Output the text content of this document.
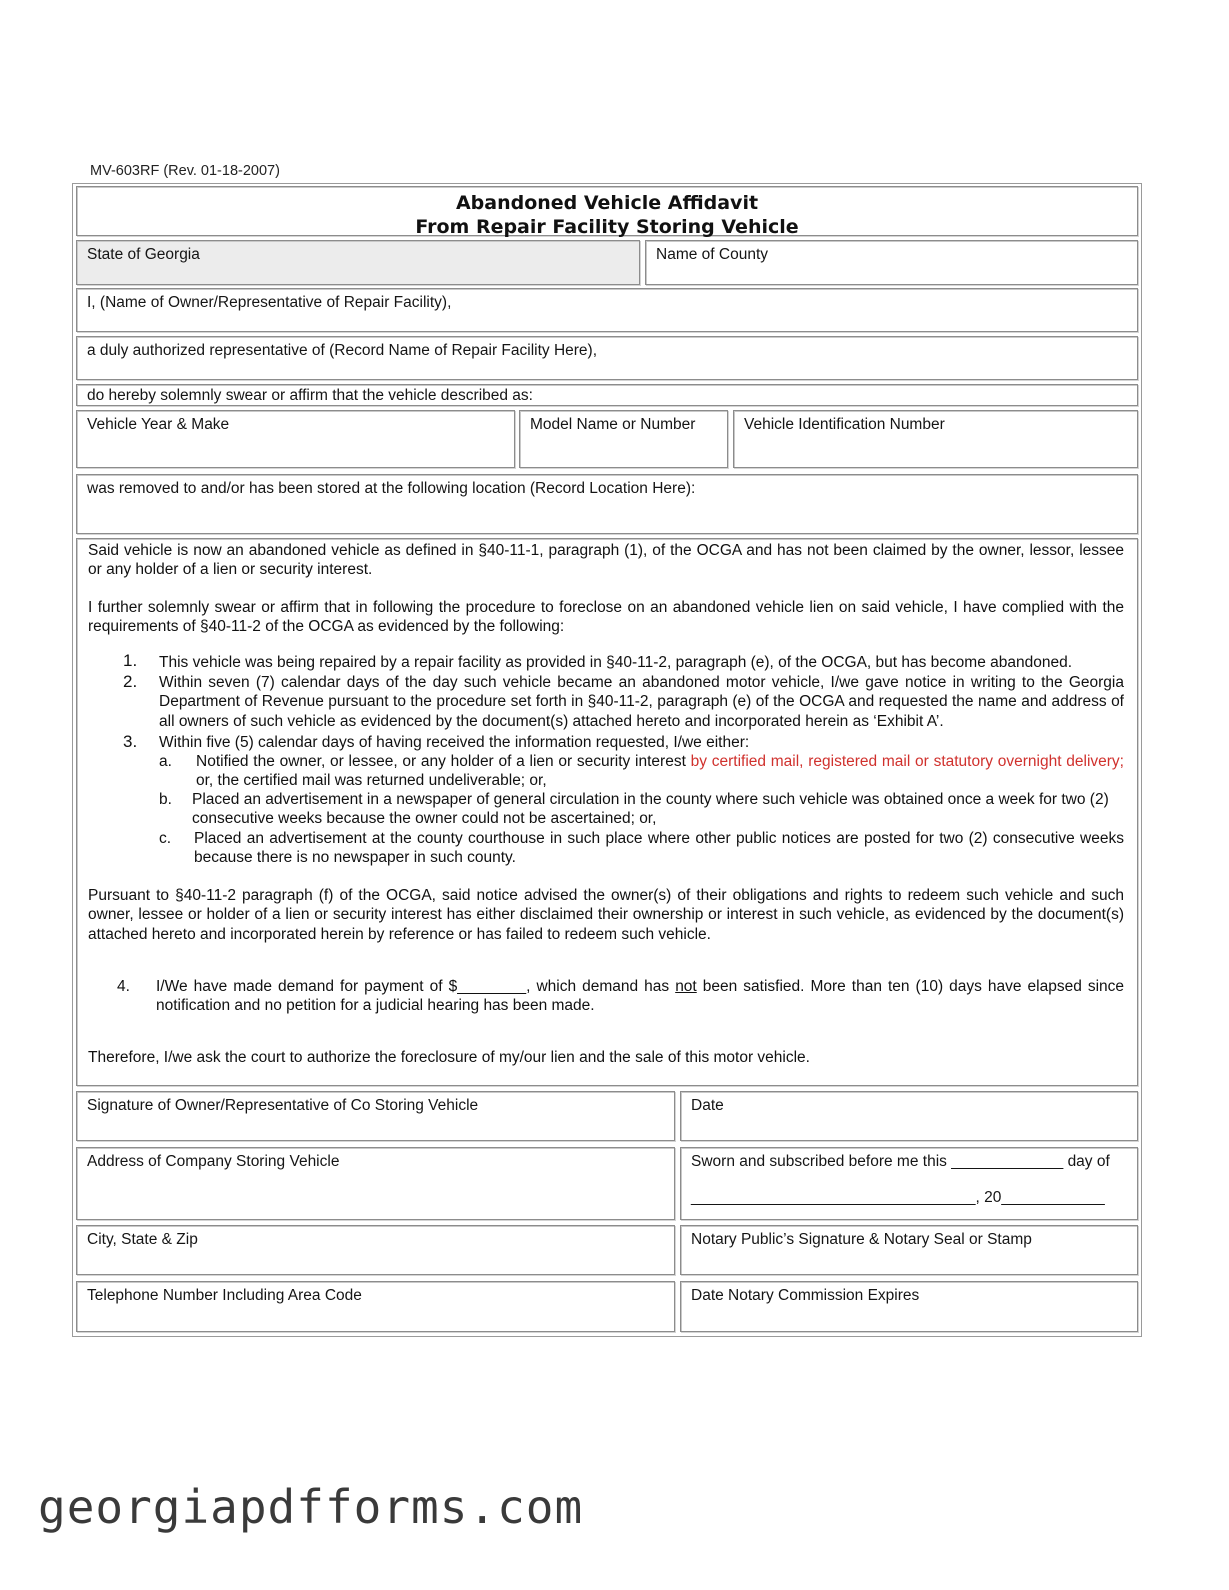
MV-603RF (Rev. 01-18-2007)
Abandoned Vehicle Affidavit
From Repair Facility Storing Vehicle
State of Georgia	Name of County
I, (Name of Owner/Representative of Repair Facility),
a duly authorized representative of (Record Name of Repair Facility Here),
do hereby solemnly swear or affirm that the vehicle described as:
Vehicle Year & Make	Model Name or Number	Vehicle Identification Number
was removed to and/or has been stored at the following location (Record Location Here):
Said vehicle is now an abandoned vehicle as defined in §40-11-1, paragraph (1), of the OCGA and has not been claimed by the owner, lessor, lessee or any holder of a lien or security interest.
I further solemnly swear or affirm that in following the procedure to foreclose on an abandoned vehicle lien on said vehicle, I have complied with the requirements of §40-11-2 of the OCGA as evidenced by the following:
1. This vehicle was being repaired by a repair facility as provided in §40-11-2, paragraph (e), of the OCGA, but has become abandoned.
2. Within seven (7) calendar days of the day such vehicle became an abandoned motor vehicle, I/we gave notice in writing to the Georgia Department of Revenue pursuant to the procedure set forth in §40-11-2, paragraph (e) of the OCGA and requested the name and address of all owners of such vehicle as evidenced by the document(s) attached hereto and incorporated herein as ‘Exhibit A’.
3. Within five (5) calendar days of having received the information requested, I/we either:
a. Notified the owner, or lessee, or any holder of a lien or security interest by certified mail, registered mail or statutory overnight delivery; or, the certified mail was returned undeliverable; or,
b. Placed an advertisement in a newspaper of general circulation in the county where such vehicle was obtained once a week for two (2) consecutive weeks because the owner could not be ascertained; or,
c. Placed an advertisement at the county courthouse in such place where other public notices are posted for two (2) consecutive weeks because there is no newspaper in such county.
Pursuant to §40-11-2 paragraph (f) of the OCGA, said notice advised the owner(s) of their obligations and rights to redeem such vehicle and such owner, lessee or holder of a lien or security interest has either disclaimed their ownership or interest in such vehicle, as evidenced by the document(s) attached hereto and incorporated herein by reference or has failed to redeem such vehicle.
4. I/We have made demand for payment of $________, which demand has not been satisfied. More than ten (10) days have elapsed since notification and no petition for a judicial hearing has been made.
Therefore, I/we ask the court to authorize the foreclosure of my/our lien and the sale of this motor vehicle.
Signature of Owner/Representative of Co Storing Vehicle	Date
Address of Company Storing Vehicle	Sworn and subscribed before me this _____________ day of
_________________________________, 20____________
City, State & Zip	Notary Public’s Signature & Notary Seal or Stamp
Telephone Number Including Area Code	Date Notary Commission Expires
georgiapdfforms.com
